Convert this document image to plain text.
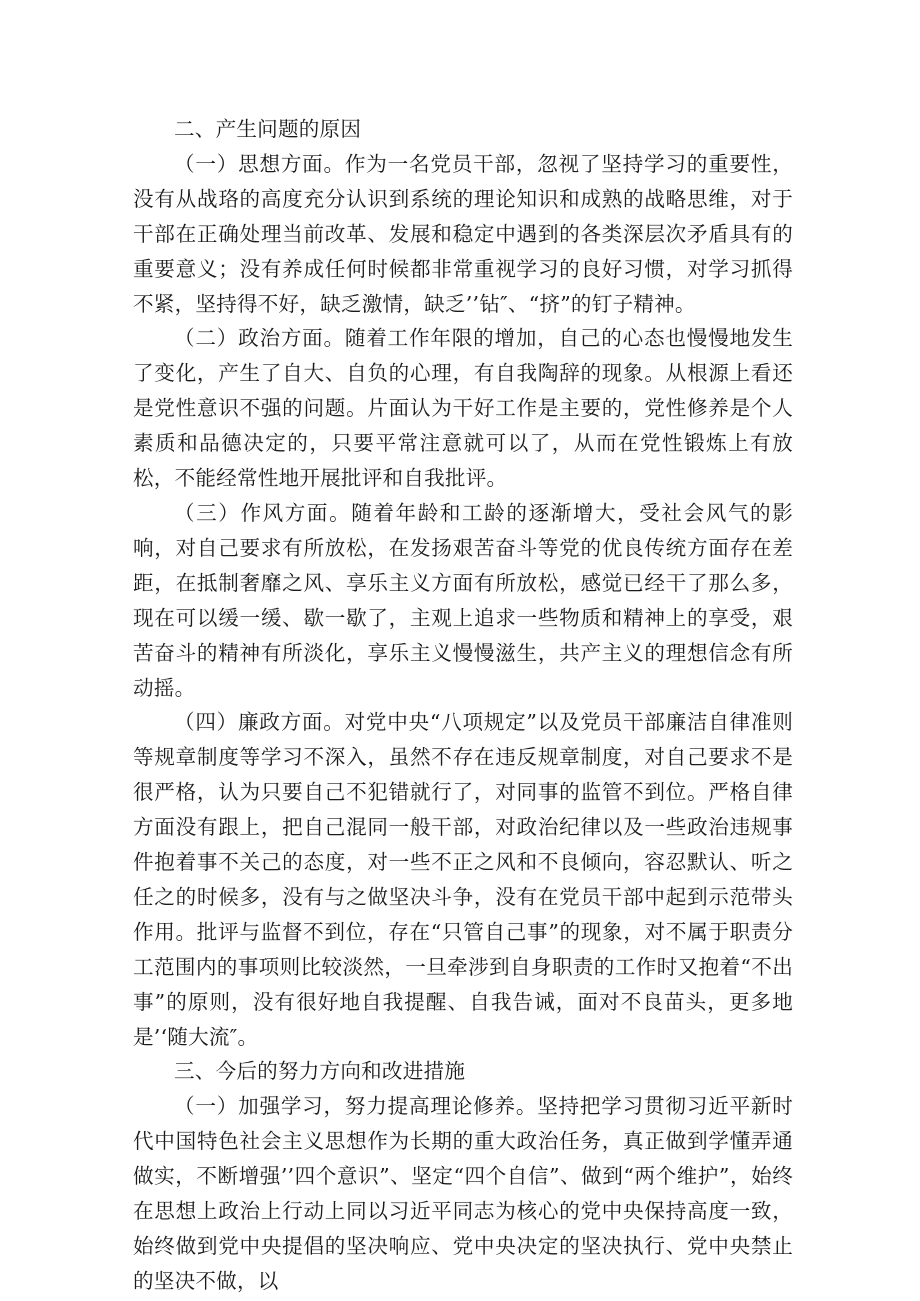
二、产生问题的原因

（一）思想方面。作为一名党员干部，忽视了坚持学习的重要性，没有从战珞的高度充分认识到系统的理论知识和成熟的战略思维，对于干部在正确处理当前改革、发展和稳定中遇到的各类深层次矛盾具有的重要意义；没有养成任何时候都非常重视学习的良好习惯，对学习抓得不紧，坚持得不好，缺乏激情，缺乏’’钻″、“挤”的钉子精神。

（二）政治方面。随着工作年限的增加，自己的心态也慢慢地发生了变化，产生了自大、自负的心理，有自我陶辞的现象。从根源上看还是党性意识不强的问题。片面认为干好工作是主要的，党性修养是个人素质和品德决定的，只要平常注意就可以了，从而在党性锻炼上有放松，不能经常性地开展批评和自我批评。

（三）作风方面。随着年龄和工龄的逐渐增大，受社会风气的影响，对自己要求有所放松，在发扬艰苦奋斗等党的优良传统方面存在差距，在抵制奢靡之风、享乐主义方面有所放松，感觉已经干了那么多，现在可以缓一缓、歇一歇了，主观上追求一些物质和精神上的享受，艰苦奋斗的精神有所淡化，享乐主义慢慢滋生，共产主义的理想信念有所动摇。

（四）廉政方面。对党中央“八项规定”以及党员干部廉洁自律准则等规章制度等学习不深入，虽然不存在违反规章制度，对自己要求不是很严格，认为只要自己不犯错就行了，对同事的监管不到位。严格自律方面没有跟上，把自己混同一般干部，对政治纪律以及一些政治违规事件抱着事不关己的态度，对一些不正之风和不良倾向，容忍默认、听之任之的时候多，没有与之做坚决斗争，没有在党员干部中起到示范带头作用。批评与监督不到位，存在“只管自己事”的现象，对不属于职责分工范围内的事项则比较淡然，一旦牵涉到自身职责的工作时又抱着“不出事”的原则，没有很好地自我提醒、自我告诫，面对不良苗头，更多地是’‘随大流″。

三、今后的努力方向和改进措施

（一）加强学习，努力提高理论修养。坚持把学习贯彻习近平新时代中国特色社会主义思想作为长期的重大政治任务，真正做到学懂弄通做实，不断增强’’四个意识”、坚定“四个自信”、做到“两个维护”，始终在思想上政治上行动上同以习近平同志为核心的党中央保持高度一致，始终做到党中央提倡的坚决响应、党中央决定的坚决执行、党中央禁止的坚决不做，以
